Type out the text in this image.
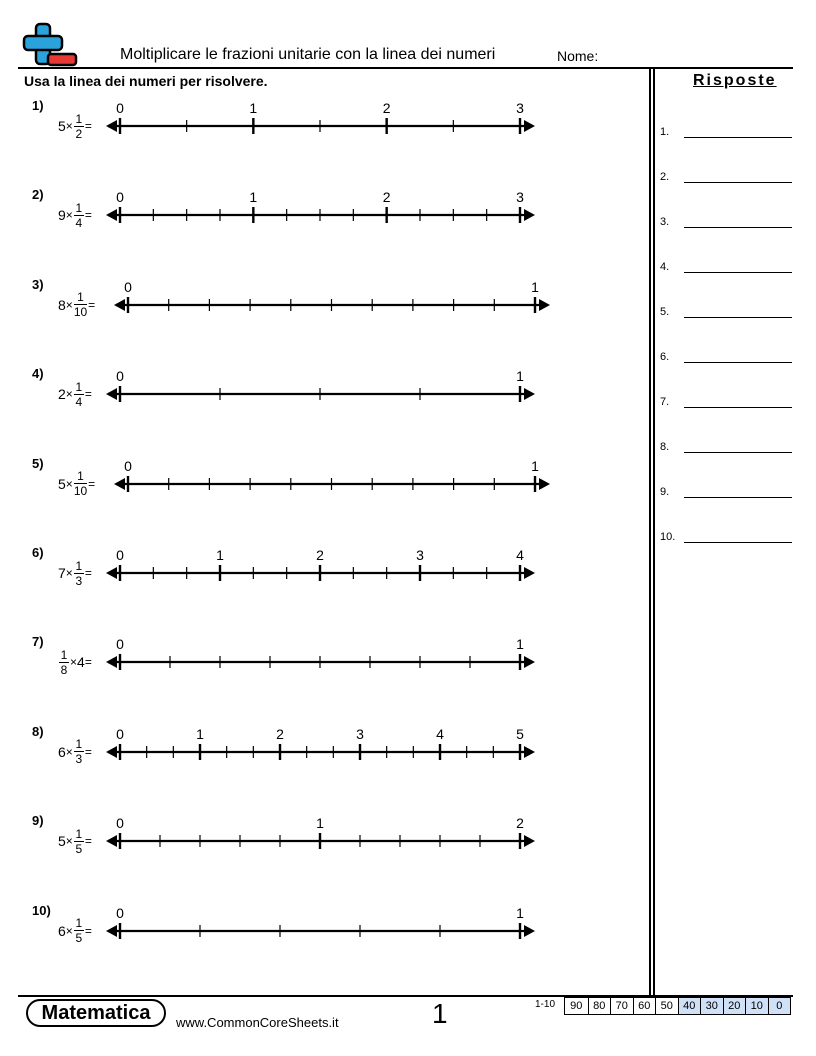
Moltiplicare le frazioni unitarie con la linea dei numeri	Nome:
Usa la linea dei numeri per risolvere.	Risposte
1.
2.
3.
4.
5.
6.
7.
8.
9.
10.
1)
$5 \times \frac{1}{2}$ =
0	1	2	3
2)
$9 \times \frac{1}{4}$ =
0	1	2	3
3)
$8 \times \frac{1}{10}$ =
0	1
4)
$2 \times \frac{1}{4}$ =
0	1
5)
$5 \times \frac{1}{10}$ =
0	1
6)
$7 \times \frac{1}{3}$ =
0	1	2	3	4
7)
$\frac{1}{8} \times 4$ =
0	1
8)
$6 \times \frac{1}{3}$ =
0	1	2	3	4	5
9)
$5 \times \frac{1}{5}$ =
0	1	2
10)
$6 \times \frac{1}{5}$ =
0	1
Matematica	www.CommonCoreSheets.it	1	1-10	90 80 70 60 50 40 30 20 10	0
